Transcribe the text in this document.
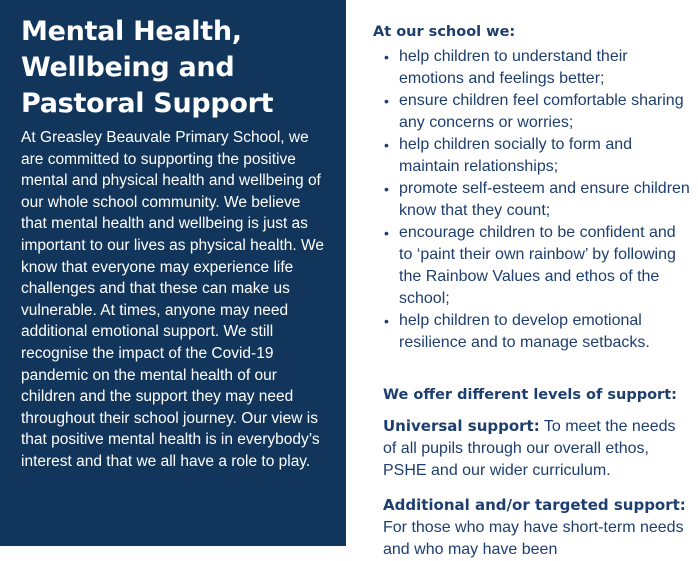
Mental Health,
Wellbeing and
Pastoral Support

At Greasley Beauvale Primary School, we are committed to supporting the positive mental and physical health and wellbeing of our whole school community. We believe that mental health and wellbeing is just as important to our lives as physical health. We know that everyone may experience life challenges and that these can make us vulnerable. At times, anyone may need additional emotional support. We still recognise the impact of the Covid-19 pandemic on the mental health of our children and the support they may need throughout their school journey. Our view is that positive mental health is in everybody’s interest and that we all have a role to play.

At our school we:
• help children to understand their emotions and feelings better;
• ensure children feel comfortable sharing any concerns or worries;
• help children socially to form and maintain relationships;
• promote self-esteem and ensure children know that they count;
• encourage children to be confident and to ‘paint their own rainbow’ by following the Rainbow Values and ethos of the school;
• help children to develop emotional resilience and to manage setbacks.
We offer different levels of support:

Universal support: To meet the needs of all pupils through our overall ethos, PSHE and our wider curriculum.

Additional and/or targeted support: For those who may have short-term needs and who may have been
